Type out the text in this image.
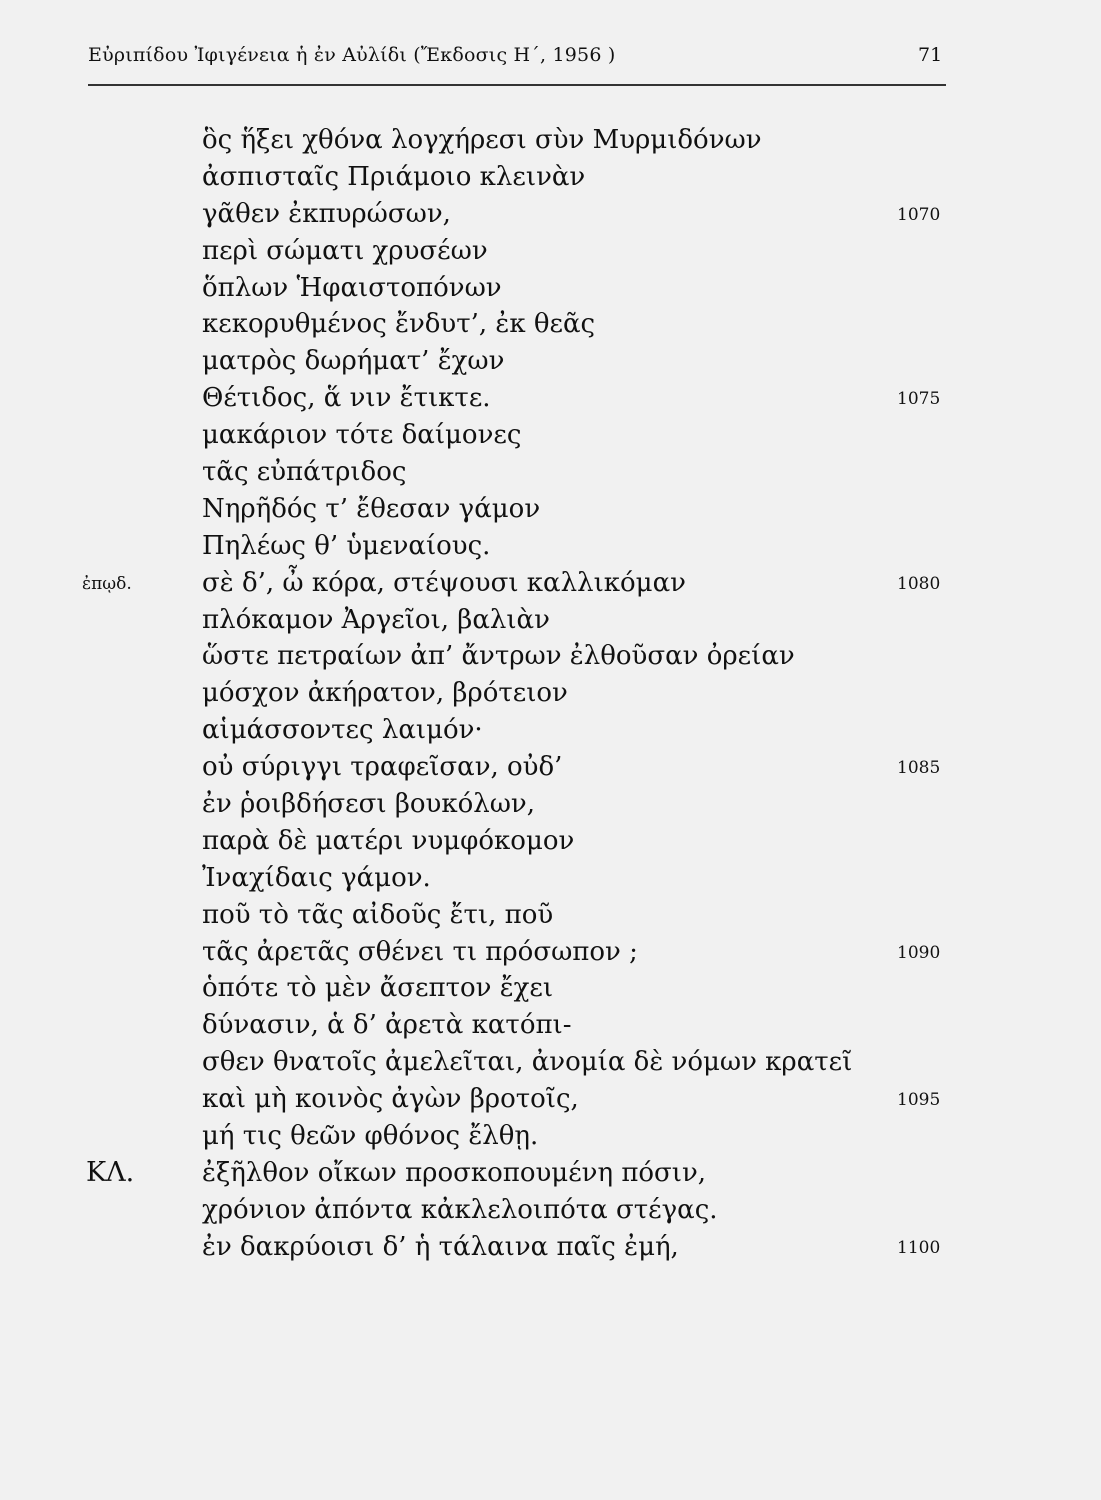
Εὐριπίδου Ἰφιγένεια ἡ ἐν Αὐλίδι (Ἔκδοσις Η΄, 1956 )	71
ὃς ἥξει χθόνα λογχήρεσι σὺν Μυρμιδόνων
ἀσπισταῖς Πριάμοιο κλεινὰν
γᾶθεν ἐκπυρώσων,	1070
περὶ σώματι χρυσέων
ὅπλων Ἡφαιστοπόνων
κεκορυθμένος ἔνδυτ’, ἐκ θεᾶς
ματρὸς δωρήματ’ ἔχων
Θέτιδος, ἅ νιν ἔτικτε.	1075
μακάριον τότε δαίμονες
τᾶς εὐπάτριδος
Νηρῆδός τ’ ἔθεσαν γάμον
Πηλέως θ’ ὑμεναίους.
ἐπῳδ.	σὲ δ’, ὦ κόρα, στέψουσι καλλικόμαν	1080
πλόκαμον Ἀργεῖοι, βαλιὰν
ὥστε πετραίων ἀπ’ ἄντρων ἐλθοῦσαν ὀρείαν
μόσχον ἀκήρατον, βρότειον
αἱμάσσοντες λαιμόν·
οὐ σύριγγι τραφεῖσαν, οὐδ’	1085
ἐν ῥοιβδήσεσι βουκόλων,
παρὰ δὲ ματέρι νυμφόκομον
Ἰναχίδαις γάμον.
ποῦ τὸ τᾶς αἰδοῦς ἔτι, ποῦ
τᾶς ἀρετᾶς σθένει τι πρόσωπον ;	1090
ὁπότε τὸ μὲν ἄσεπτον ἔχει
δύνασιν, ἁ δ’ ἀρετὰ κατόπι-
σθεν θνατοῖς ἀμελεῖται, ἀνομία δὲ νόμων κρατεῖ
καὶ μὴ κοινὸς ἀγὼν βροτοῖς,	1095
μή τις θεῶν φθόνος ἔλθῃ.
ΚΛ.	ἐξῆλθον οἴκων προσκοπουμένη πόσιν,
χρόνιον ἀπόντα κἀκλελοιπότα στέγας.
ἐν δακρύοισι δ’ ἡ τάλαινα παῖς ἐμή,	1100
